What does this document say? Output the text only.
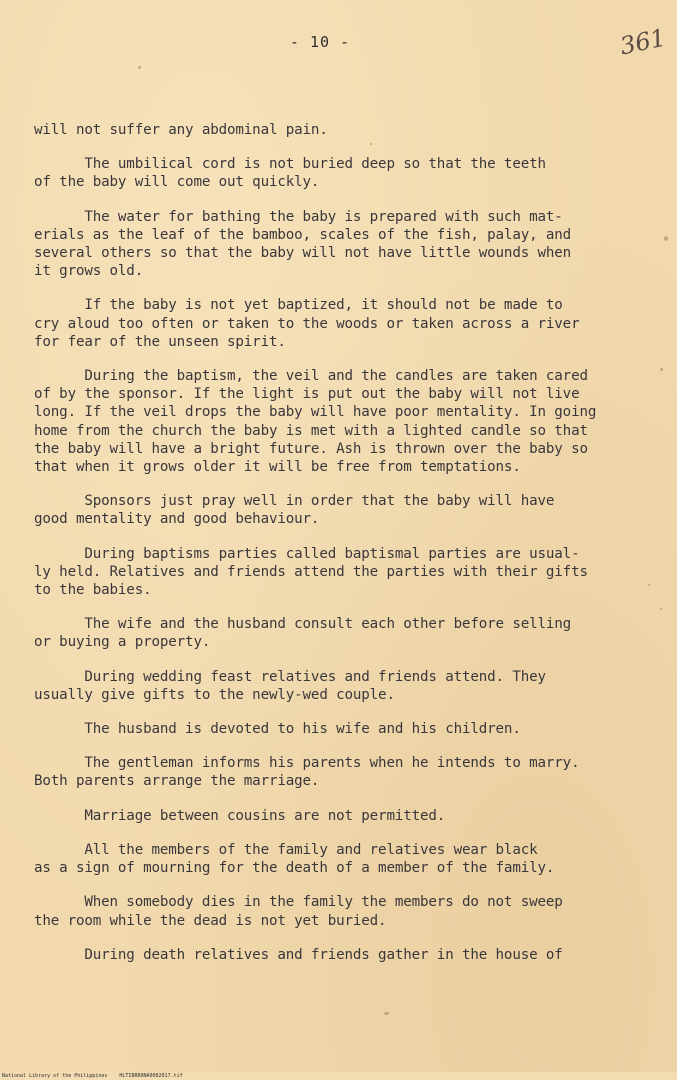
- 10 -	361
will not suffer any abdominal pain.
The umbilical cord is not buried deep so that the teeth
of the baby will come out quickly.
The water for bathing the baby is prepared with such mat-
erials as the leaf of the bamboo, scales of the fish, palay, and
several others so that the baby will not have little wounds when
it grows old.
If the baby is not yet baptized, it should not be made to
cry aloud too often or taken to the woods or taken across a river
for fear of the unseen spirit.
During the baptism, the veil and the candles are taken cared
of by the sponsor. If the light is put out the baby will not live
long. If the veil drops the baby will have poor mentality. In going
home from the church the baby is met with a lighted candle so that
the baby will have a bright future. Ash is thrown over the baby so
that when it grows older it will be free from temptations.
Sponsors just pray well in order that the baby will have
good mentality and good behaviour.
During baptisms parties called baptismal parties are usual-
ly held. Relatives and friends attend the parties with their gifts
to the babies.
The wife and the husband consult each other before selling
or buying a property.
During wedding feast relatives and friends attend. They
usually give gifts to the newly-wed couple.
The husband is devoted to his wife and his children.
The gentleman informs his parents when he intends to marry.
Both parents arrange the marriage.
Marriage between cousins are not permitted.
All the members of the family and relatives wear black
as a sign of mourning for the death of a member of the family.
When somebody dies in the family the members do not sweep
the room while the dead is not yet buried.
During death relatives and friends gather in the house of
National Library of the Philippines    HLTIBRR0NA0002017.tif
